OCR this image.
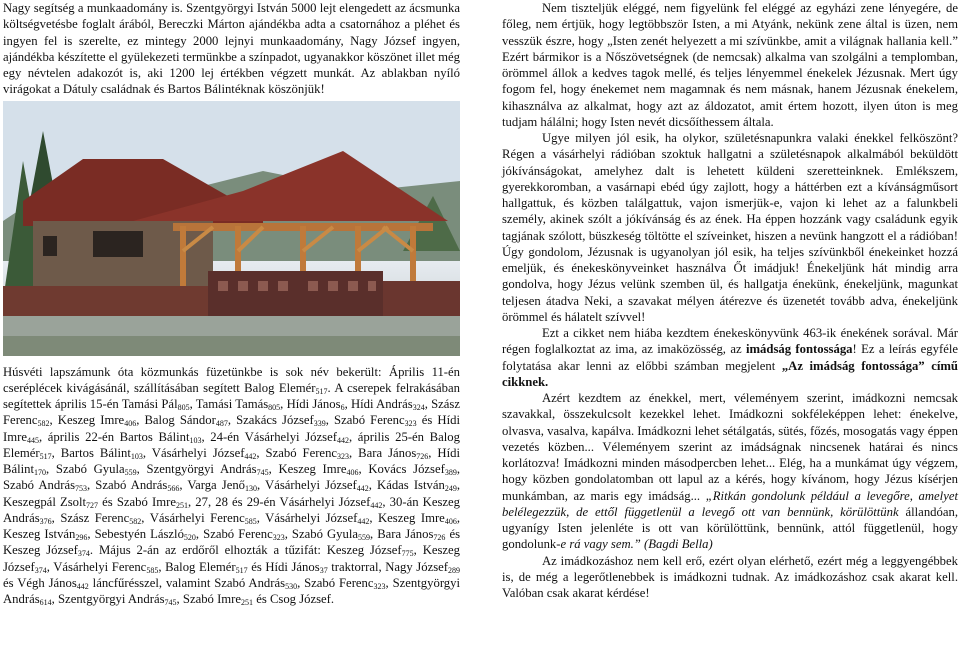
Nagy segítség a munkaadomány is. Szentgyörgyi István 5000 lejt elengedett az ácsmunka költségvetésbe foglalt árából, Bereczki Márton ajándékba adta a csatornához a pléhet és ingyen fel is szerelte, ez mintegy 2000 lejnyi munkaadomány, Nagy József ingyen, ajándékba készítette el gyülekezeti termünkbe a színpadot, ugyanakkor köszönet illet még egy névtelen adakozót is, aki 1200 lej értékben végzett munkát. Az ablakban nyíló virágokat a Dátuly családnak és Bartos Bálintéknak köszönjük!

Húsvéti lapszámunk óta közmunkás füzetünkbe is sok név bekerült: Április 11-én cseréplécek kivágásánál, szállításában segített Balog Elemér$_{517}$. A cserepek felrakásában segítettek április 15-én Tamási Pál$_{805}$, Tamási Tamás$_{805}$, Hídi János$_6$, Hídi András$_{324}$, Szász Ferenc$_{582}$, Keszeg Imre$_{406}$, Balog Sándor$_{487}$, Szakács József$_{339}$, Szabó Ferenc$_{323}$ és Hídi Imre$_{445}$, április 22-én Bartos Bálint$_{103}$, 24-én Vásárhelyi József$_{442}$, április 25-én Balog Elemér$_{517}$, Bartos Bálint$_{103}$, Vásárhelyi József$_{442}$, Szabó Ferenc$_{323}$, Bara János$_{726}$, Hídi Bálint$_{170}$, Szabó Gyula$_{559}$, Szentgyörgyi András$_{745}$, Keszeg Imre$_{406}$, Kovács József$_{389}$, Szabó András$_{753}$, Szabó András$_{566}$, Varga Jenő$_{130}$, Vásárhelyi József$_{442}$, Kádas István$_{249}$, Keszegpál Zsolt$_{727}$ és Szabó Imre$_{251}$, 27, 28 és 29-én Vásárhelyi József$_{442}$, 30-án Keszeg András$_{376}$, Szász Ferenc$_{582}$, Vásárhelyi Ferenc$_{585}$, Vásárhelyi József$_{442}$, Keszeg Imre$_{406}$, Keszeg István$_{296}$, Sebestyén László$_{520}$, Szabó Ferenc$_{323}$, Szabó Gyula$_{559}$, Bara János$_{726}$ és Keszeg József$_{374}$. Május 2-án az erdőről elhozták a tűzifát: Keszeg József$_{775}$, Keszeg József$_{374}$, Vásárhelyi Ferenc$_{585}$, Balog Elemér$_{517}$ és Hídi János$_{37}$ traktorral, Nagy József$_{289}$ és Végh János$_{442}$ láncfűrésszel, valamint Szabó András$_{530}$, Szabó Ferenc$_{323}$, Szentgyörgyi András$_{614}$, Szentgyörgyi András$_{745}$, Szabó Imre$_{251}$ és Csog József.

Nem tiszteljük eléggé, nem figyelünk fel eléggé az egyházi zene lényegére, de főleg, nem értjük, hogy legtöbbször Isten, a mi Atyánk, nekünk zene által is üzen, nem vesszük észre, hogy „Isten zenét helyezett a mi szívünkbe, amit a világnak hallania kell.” Ezért bármikor is a Nőszövetségnek (de nemcsak) alkalma van szolgálni a templomban, örömmel állok a kedves tagok mellé, és teljes lényemmel énekelek Jézusnak. Mert úgy fogom fel, hogy énekemet nem magamnak és nem másnak, hanem Jézusnak énekelem, kihasználva az alkalmat, hogy azt az áldozatot, amit értem hozott, ilyen úton is meg tudjam hálálni; hogy Isten nevét dicsőíthessem általa.

Ugye milyen jól esik, ha olykor, születésnapunkra valaki énekkel felköszönt? Régen a vásárhelyi rádióban szoktuk hallgatni a születésnapok alkalmából beküldött jókívánságokat, amelyhez dalt is lehetett küldeni szeretteinknek. Emlékszem, gyerekkoromban, a vasárnapi ebéd úgy zajlott, hogy a háttérben ezt a kívánságműsort hallgattuk, és közben találgattuk, vajon ismerjük-e, vajon ki lehet az a falunkbeli személy, akinek szólt a jókívánság és az ének. Ha éppen hozzánk vagy családunk egyik tagjának szólott, büszkeség töltötte el szíveinket, hiszen a nevünk hangzott el a rádióban! Úgy gondolom, Jézusnak is ugyanolyan jól esik, ha teljes szívünkből énekeinket hozzá emeljük, és énekeskönyveinket használva Őt imádjuk! Énekeljünk hát mindig arra gondolva, hogy Jézus velünk szemben ül, és hallgatja énekünk, énekeljünk, magunkat teljesen átadva Neki, a szavakat mélyen átérezve és üzenetét tovább adva, énekeljünk örömmel és hálatelt szívvel!

Ezt a cikket nem hiába kezdtem énekeskönyvünk 463-ik énekének sorával. Már régen foglalkoztat az ima, az imaközösség, az imádság fontossága! Ez a leírás egyféle folytatása akar lenni az előbbi számban megjelent „Az imádság fontossága” című cikknek.

Azért kezdtem az énekkel, mert, véleményem szerint, imádkozni nemcsak szavakkal, összekulcsolt kezekkel lehet. Imádkozni sokféleképpen lehet: énekelve, olvasva, vasalva, kapálva. Imádkozni lehet sétálgatás, sütés, főzés, mosogatás vagy éppen vezetés közben... Véleményem szerint az imádságnak nincsenek határai és nincs korlátozva! Imádkozni minden másodpercben lehet... Elég, ha a munkámat úgy végzem, hogy közben gondolatomban ott lapul az a kérés, hogy kívánom, hogy Jézus kísérjen munkámban, az maris egy imádság... „Ritkán gondolunk például a levegőre, amelyet belélegezzük, de ettől függetlenül a levegő ott van bennünk, körülöttünk állandóan, ugyanígy Isten jelenléte is ott van körülöttünk, bennünk, attól függetlenül, hogy gondolunk-e rá vagy sem.” (Bagdi Bella)

Az imádkozáshoz nem kell erő, ezért olyan elérhető, ezért még a leggyengébbek is, de még a legerőtlenebbek is imádkozni tudnak. Az imádkozáshoz csak akarat kell. Valóban csak akarat kérdése!
